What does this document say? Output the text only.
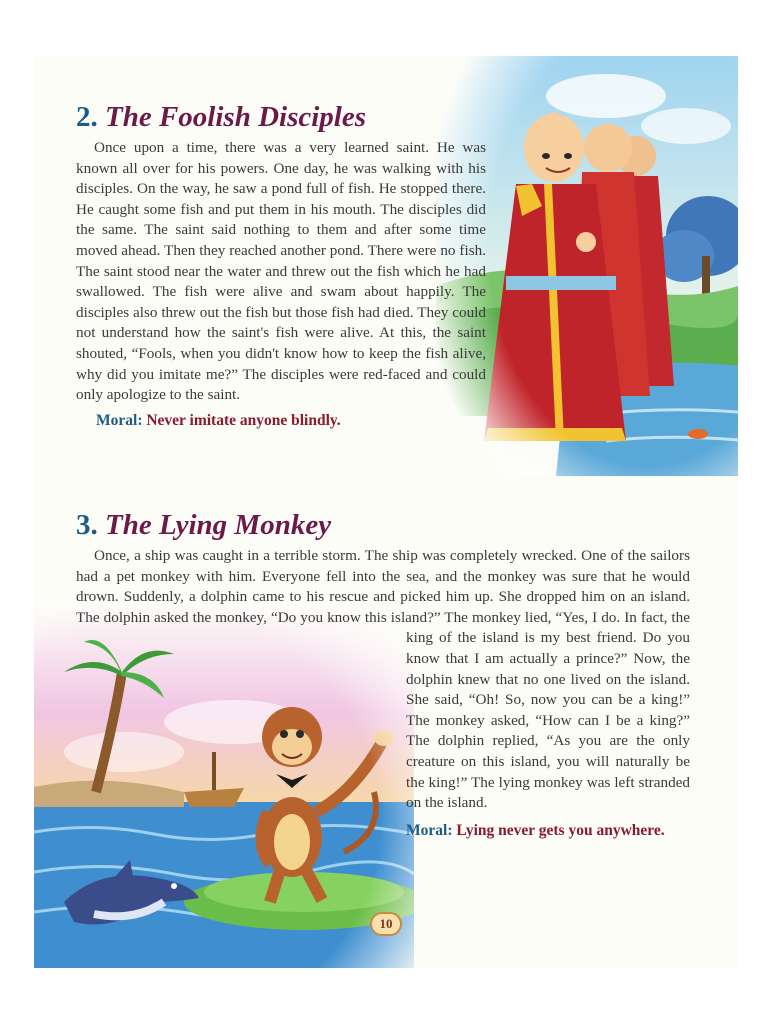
2. The Foolish Disciples

Once upon a time, there was a very learned saint. He was known all over for his powers. One day, he was walking with his disciples. On the way, he saw a pond full of fish. He stopped there. He caught some fish and put them in his mouth. The disciples did the same. The saint said nothing to them and after some time moved ahead. Then they reached another pond. There were no fish. The saint stood near the water and threw out the fish which he had swallowed. The fish were alive and swam about happily. The disciples also threw out the fish but those fish had died. They could not understand how the saint's fish were alive. At this, the saint shouted, “Fools, when you didn't know how to keep the fish alive, why did you imitate me?” The disciples were red-faced and could only apologize to the saint.

Moral: Never imitate anyone blindly.

3. The Lying Monkey

Once, a ship was caught in a terrible storm. The ship was completely wrecked. One of the sailors had a pet monkey with him. Everyone fell into the sea, and the monkey was sure that he would drown. Suddenly, a dolphin came to his rescue and picked him up. She dropped him on an island. The dolphin asked the monkey, “Do you know this island?” The monkey lied, “Yes, I do. In fact, the king of the island is my best friend. Do you know that I am actually a prince?” Now, the dolphin knew that no one lived on the island. She said, “Oh! So, now you can be a king!” The monkey asked, “How can I be a king?” The dolphin replied, “As you are the only creature on this island, you will naturally be the king!” The lying monkey was left stranded on the island.

Moral: Lying never gets you anywhere.

10
